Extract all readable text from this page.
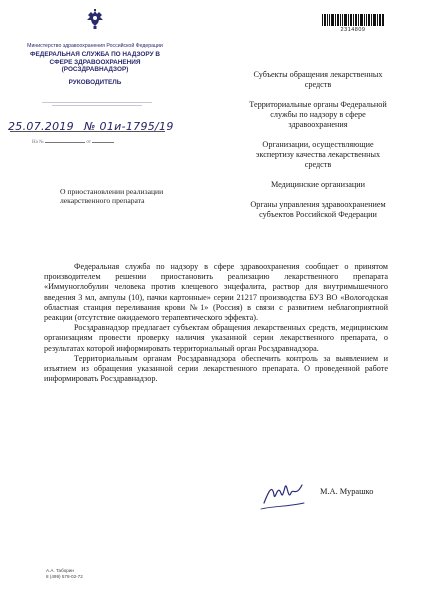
Министерство здравоохранения Российской Федерации
ФЕДЕРАЛЬНАЯ СЛУЖБА ПО НАДЗОРУ В СФЕРЕ ЗДРАВООХРАНЕНИЯ (РОСЗДРАВНАДЗОР)
РУКОВОДИТЕЛЬ
25.07.2019 № 01и-1795/19
На №	от
2314809
Субъекты обращения лекарственных средств
Территориальные органы Федеральной службы по надзору в сфере здравоохранения
Организации, осуществляющие экспертизу качества лекарственных средств
Медицинские организации
Органы управления здравоохранением субъектов Российской Федерации
О приостановлении реализации лекарственного препарата

Федеральная служба по надзору в сфере здравоохранения сообщает о принятом производителем решении приостановить реализацию лекарственного препарата «Иммуноглобулин человека против клещевого энцефалита, раствор для внутримышечного введения 3 мл, ампулы (10), пачки картонные» серии 21217 производства БУЗ ВО «Вологодская областная станция переливания крови №1» (Россия) в связи с развитием неблагоприятной реакции (отсутствие ожидаемого терапевтического эффекта).

Росздравнадзор предлагает субъектам обращения лекарственных средств, медицинским организациям провести проверку наличия указанной серии лекарственного препарата, о результатах которой информировать территориальный орган Росздравнадзора.

Территориальным органам Росздравнадзора обеспечить контроль за выявлением и изъятием из обращения указанной серии лекарственного препарата. О проведенной работе информировать Росздравнадзор.

М.А. Мурашко
А.А. Таборин
8 (499) 578-02-72
